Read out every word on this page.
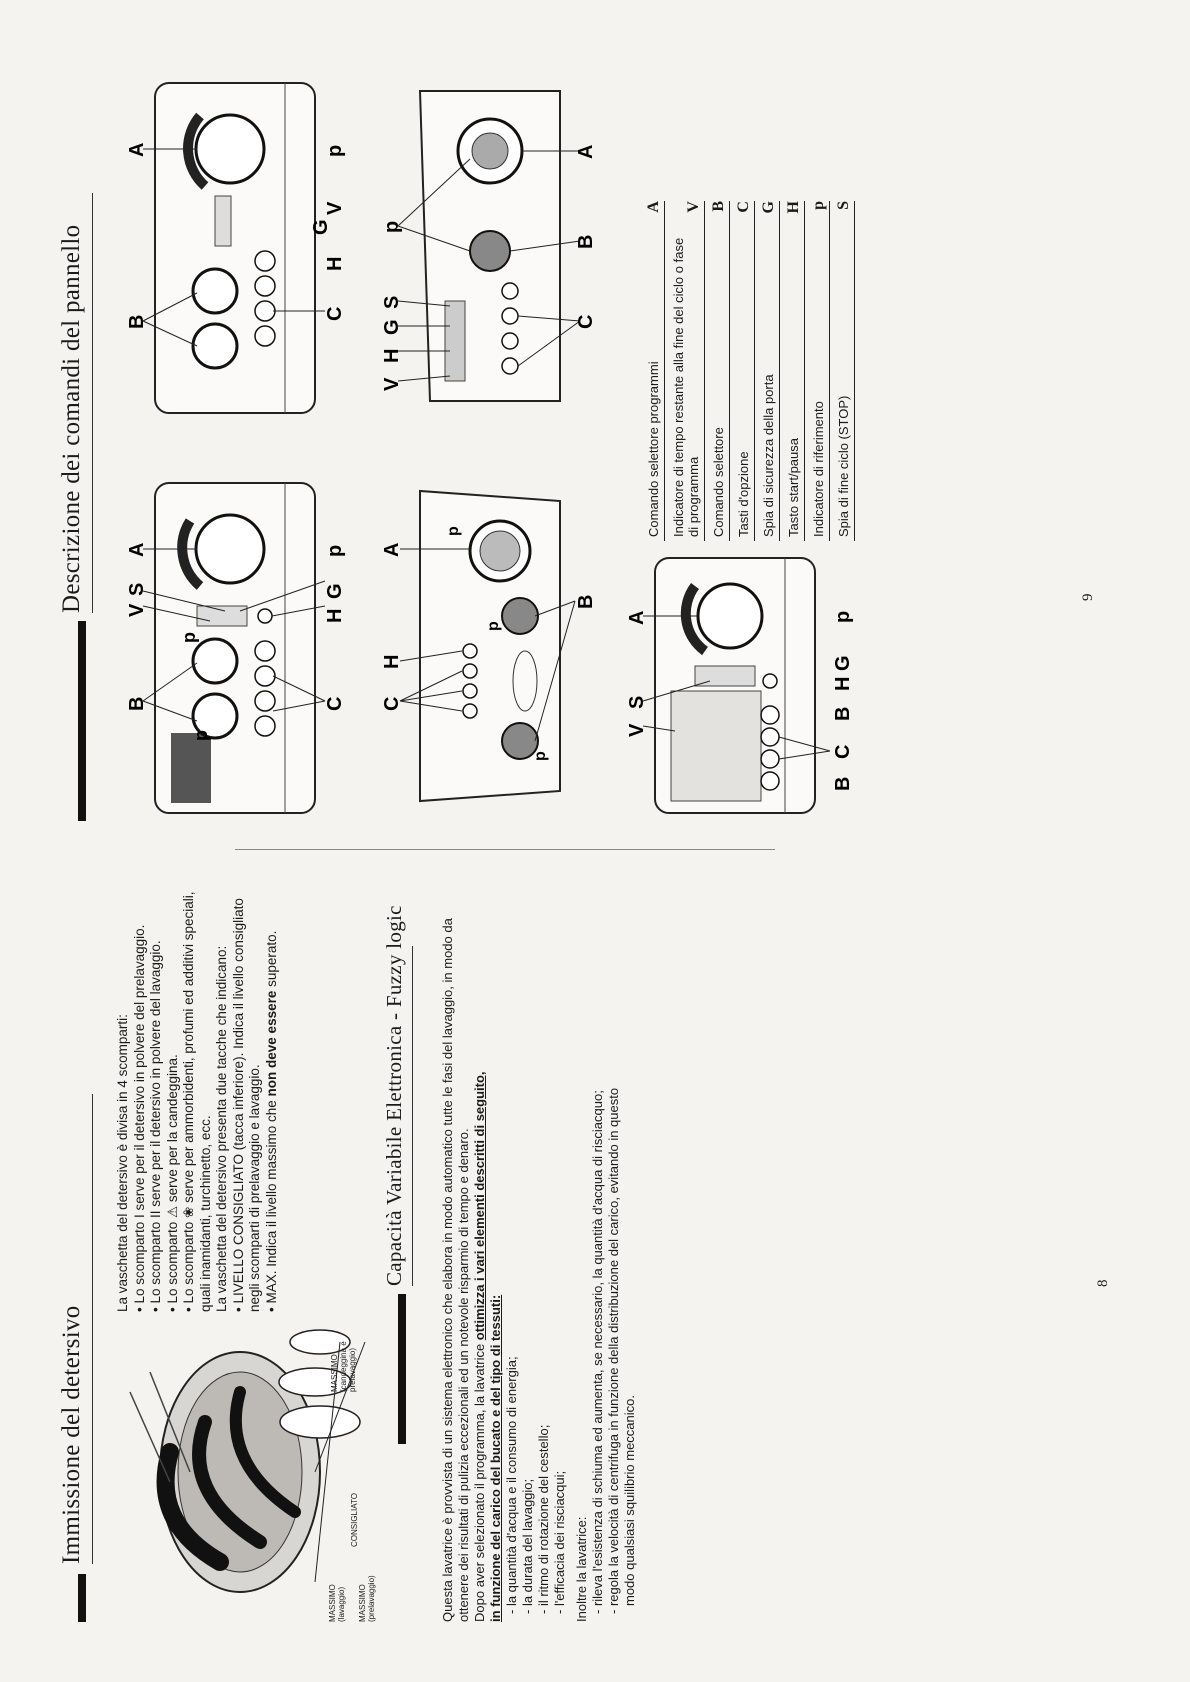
Immissione del detersivo
MASSIMO (lavaggio) MASSIMO (prelavaggio)
CONSIGLIATO
MASSIMO (candeggina e prelavaggio)

La vaschetta del detersivo è divisa in 4 scomparti: • Lo scomparto I serve per il detersivo in polvere del prelavaggio. • Lo scomparto II serve per il detersivo in polvere del lavaggio. • Lo scomparto ⚠ serve per la candeggina. • Lo scomparto ❀ serve per ammorbidenti, profumi ed additivi speciali, quali inamidanti, turchinetto, ecc. La vaschetta del detersivo presenta due tacche che indicano: • LIVELLO CONSIGLIATO (tacca inferiore). Indica il livello consigliato negli scomparti di prelavaggio e lavaggio. • MAX. Indica il livello massimo che non deve essere superato.	Capacità Variabile Elettronica - Fuzzy logic	Questa lavatrice è provvista di un sistema elettronico che elabora in modo automatico tutte le fasi del lavaggio, in modo da ottenere dei risultati di pulizia eccezionali ed un notevole risparmio di tempo e denaro. Dopo aver selezionato il programma, la lavatrice ottimizza i vari elementi descritti di seguito,
in funzione del carico del bucato e del tipo di tessuti: - la quantità d'acqua e il consumo di energia; - la durata del lavaggio; - il ritmo di rotazione del cestello; - l'efficacia dei risciacqui; Inoltre la lavatrice: - rileva l'esistenza di schiuma ed aumenta, se necessario, la quantità d'acqua di risciacquo; - regola la velocità di centrifuga in funzione della distribuzione del carico, evitando in questo modo qualsiasi squilibrio meccanico.

8
Descrizione dei comandi del pannello
B
V
S
A
p
p
p
C
H
G
B
A
C
H
G
V
p
C
H
A
p
p
p
B
V
H
G
S
p
C
B
A
V
S
A
B
C
B
H
G
p
Comando selettore programmi
A
Indicatore di tempo restante alla fine del ciclo o fase di programma
V
Comando selettore
B
Tasti d'opzione
C
Spia di sicurezza della porta
G
Tasto start/pausa
H
Indicatore di riferimento
p
Spia di fine ciclo (STOP)
S
9
